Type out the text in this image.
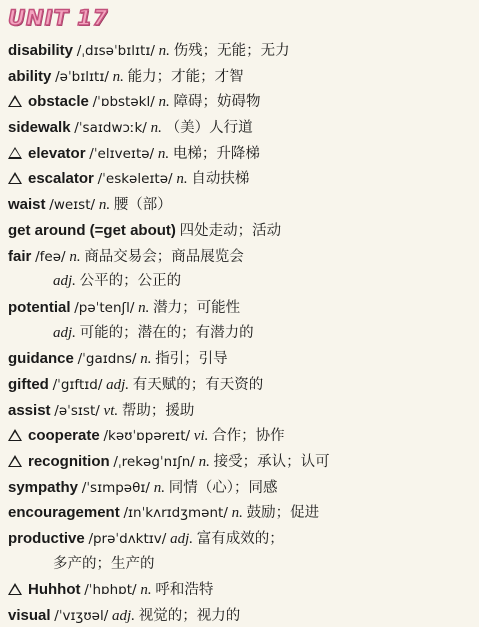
UNIT 17
disability /ˌdɪsəˈbɪlɪtɪ/ n. 伤残；无能；无力
ability /əˈbɪlɪtɪ/ n. 能力；才能；才智
obstacle /ˈɒbstəkl/ n. 障碍；妨碍物
sidewalk /ˈsaɪdwɔːk/ n. （美）人行道
elevator /ˈelɪveɪtə/ n. 电梯；升降梯
escalator /ˈeskəleɪtə/ n. 自动扶梯
waist /weɪst/ n. 腰（部）
get around (=get about) 四处走动；活动
fair /feə/ n. 商品交易会；商品展览会
adj. 公平的；公正的
potential /pəˈtenʃl/ n. 潜力；可能性
adj. 可能的；潜在的；有潜力的
guidance /ˈgaɪdns/ n. 指引；引导
gifted /ˈgɪftɪd/ adj. 有天赋的；有天资的
assist /əˈsɪst/ vt. 帮助；援助
cooperate /kəʊˈɒpəreɪt/ vi. 合作；协作
recognition /ˌrekəgˈnɪʃn/ n. 接受；承认；认可
sympathy /ˈsɪmpəθɪ/ n. 同情（心）；同感
encouragement /ɪnˈkʌrɪdʒmənt/ n. 鼓励；促进
productive /prəˈdʌktɪv/ adj. 富有成效的；
多产的；生产的
Huhhot /ˈhɒhɒt/ n. 呼和浩特
visual /ˈvɪʒʊəl/ adj. 视觉的；视力的
